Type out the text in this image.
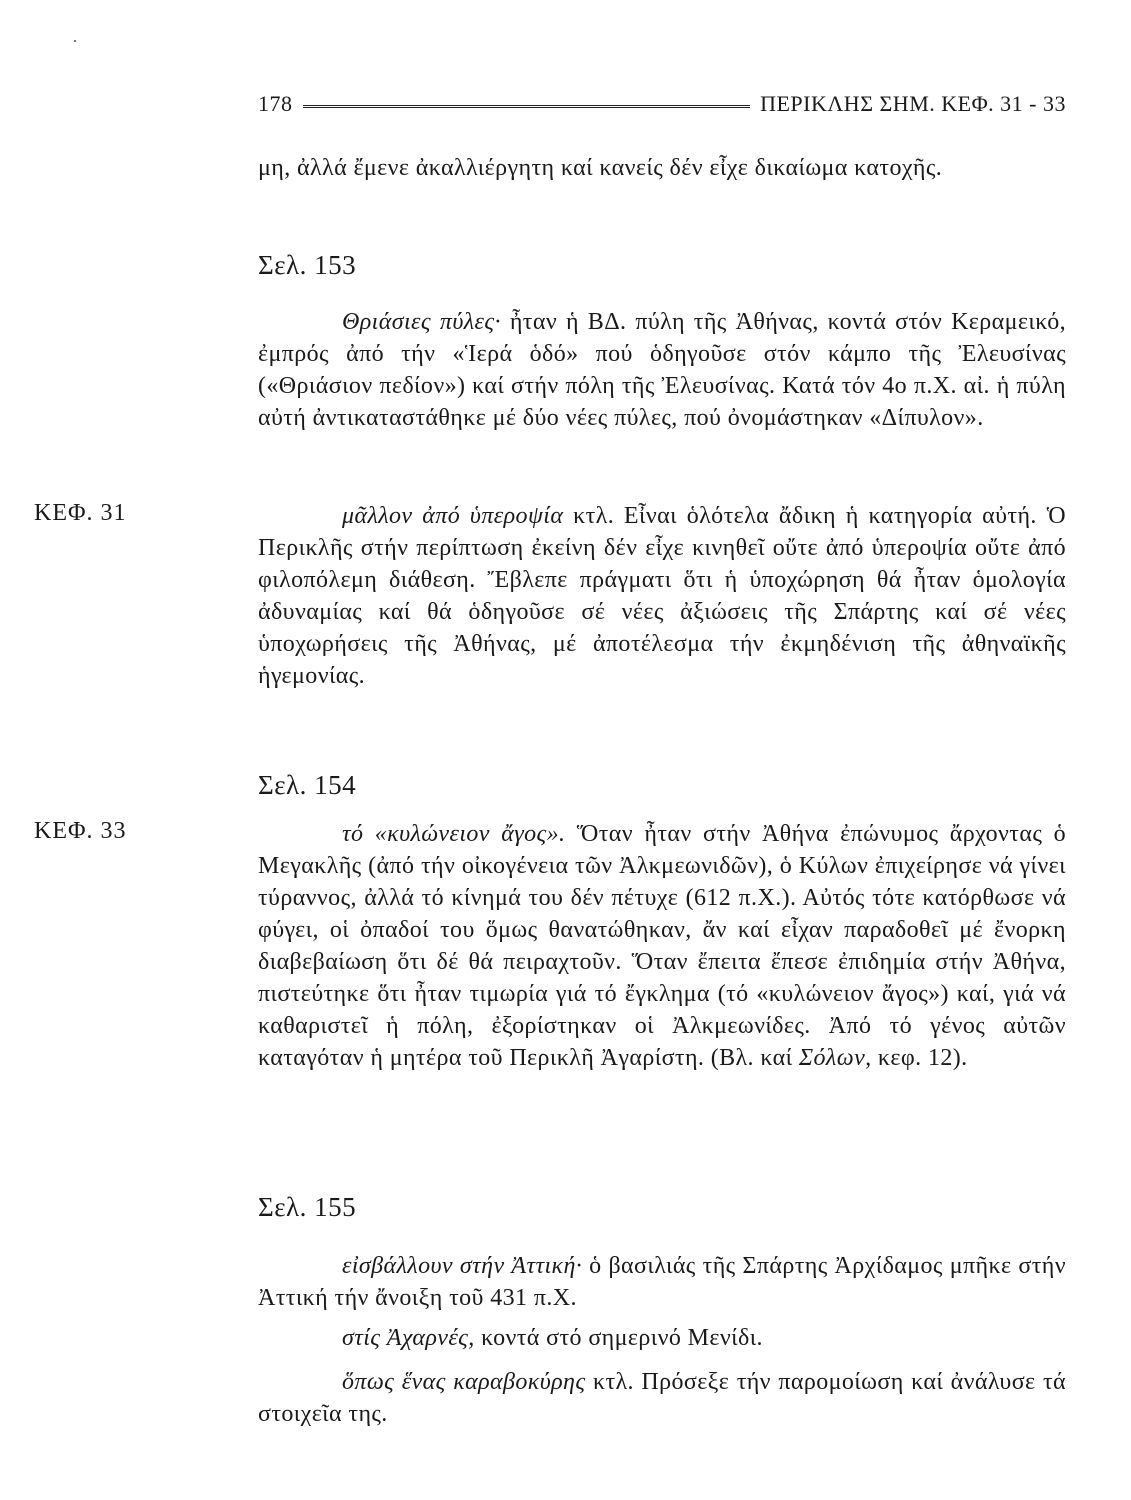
178	ΠΕΡΙΚΛΗΣ ΣΗΜ. ΚΕΦ. 31 - 33

μη, ἀλλά ἔμενε ἀκαλλιέργητη καί κανείς δέν εἶχε δικαίωμα κατοχῆς.

Σελ. 153

Θριάσιες πύλες· ἦταν ἡ ΒΔ. πύλη τῆς Ἀθήνας, κοντά στόν Κεραμεικό, ἐμπρός ἀπό τήν «Ἱερά ὁδό» πού ὁδηγοῦσε στόν κάμπο τῆς Ἐλευσίνας («Θριάσιον πεδίον») καί στήν πόλη τῆς Ἐλευσίνας. Κατά τόν 4ο π.Χ. αἰ. ἡ πύλη αὐτή ἀντικαταστάθηκε μέ δύο νέες πύλες, πού ὀνομάστηκαν «Δίπυλον».

ΚΕΦ. 31	μᾶλλον ἀπό ὑπεροψία κτλ. Εἶναι ὁλότελα ἄδικη ἡ κατηγορία αὐτή. Ὁ Περικλῆς στήν περίπτωση ἐκείνη δέν εἶχε κινηθεῖ οὔτε ἀπό ὑπεροψία οὔτε ἀπό φιλοπόλεμη διάθεση. Ἔβλεπε πράγματι ὅτι ἡ ὑποχώρηση θά ἦταν ὁμολογία ἀδυναμίας καί θά ὁδηγοῦσε σέ νέες ἀξιώσεις τῆς Σπάρτης καί σέ νέες ὑποχωρήσεις τῆς Ἀθήνας, μέ ἀποτέλεσμα τήν ἐκμηδένιση τῆς ἀθηναϊκῆς ἡγεμονίας.

Σελ. 154
ΚΕΦ. 33	τό «κυλώνειον ἄγος». Ὅταν ἦταν στήν Ἀθήνα ἐπώνυμος ἄρχοντας ὁ Μεγακλῆς (ἀπό τήν οἰκογένεια τῶν Ἀλκμεωνιδῶν), ὁ Κύλων ἐπιχείρησε νά γίνει τύραννος, ἀλλά τό κίνημά του δέν πέτυχε (612 π.Χ.). Αὐτός τότε κατόρθωσε νά φύγει, οἱ ὀπαδοί του ὅμως θανατώθηκαν, ἄν καί εἶχαν παραδοθεῖ μέ ἔνορκη διαβεβαίωση ὅτι δέ θά πειραχτοῦν. Ὅταν ἔπειτα ἔπεσε ἐπιδημία στήν Ἀθήνα, πιστεύτηκε ὅτι ἦταν τιμωρία γιά τό ἔγκλημα (τό «κυλώνειον ἄγος») καί, γιά νά καθαριστεῖ ἡ πόλη, ἐξορίστηκαν οἱ Ἀλκμεωνίδες. Ἀπό τό γένος αὐτῶν καταγόταν ἡ μητέρα τοῦ Περικλῆ Ἀγαρίστη. (Βλ. καί Σόλων, κεφ. 12).

Σελ. 155

εἰσβάλλουν στήν Ἀττική· ὁ βασιλιάς τῆς Σπάρτης Ἀρχίδαμος μπῆκε στήν Ἀττική τήν ἄνοιξη τοῦ 431 π.Χ.

στίς Ἀχαρνές, κοντά στό σημερινό Μενίδι.

ὅπως ἕνας καραβοκύρης κτλ. Πρόσεξε τήν παρομοίωση καί ἀνάλυσε τά στοιχεῖα της.
